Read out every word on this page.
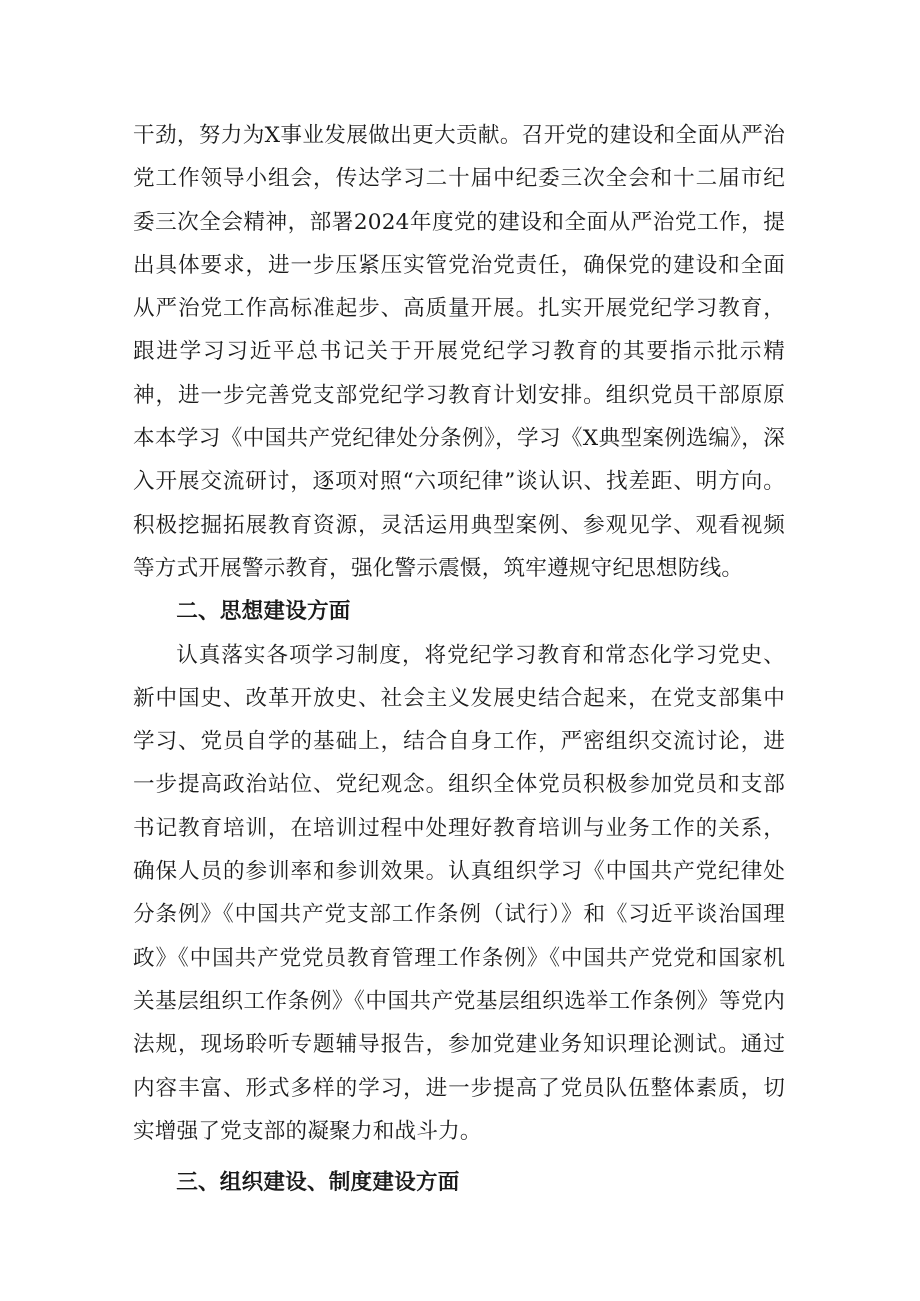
干劲，努力为X事业发展做出更大贡献。召开党的建设和全面从严治党工作领导小组会，传达学习二十届中纪委三次全会和十二届市纪委三次全会精神，部署2024年度党的建设和全面从严治党工作，提出具体要求，进一步压紧压实管党治党责任，确保党的建设和全面从严治党工作高标准起步、高质量开展。扎实开展党纪学习教育，跟进学习习近平总书记关于开展党纪学习教育的其要指示批示精神，进一步完善党支部党纪学习教育计划安排。组织党员干部原原本本学习《中国共产党纪律处分条例》，学习《X典型案例选编》，深入开展交流研讨，逐项对照“六项纪律”谈认识、找差距、明方向。积极挖掘拓展教育资源，灵活运用典型案例、参观见学、观看视频等方式开展警示教育，强化警示震慑，筑牢遵规守纪思想防线。

二、思想建设方面

认真落实各项学习制度，将党纪学习教育和常态化学习党史、新中国史、改革开放史、社会主义发展史结合起来，在党支部集中学习、党员自学的基础上，结合自身工作，严密组织交流讨论，进一步提高政治站位、党纪观念。组织全体党员积极参加党员和支部书记教育培训，在培训过程中处理好教育培训与业务工作的关系，确保人员的参训率和参训效果。认真组织学习《中国共产党纪律处分条例》《中国共产党支部工作条例（试行）》和《习近平谈治国理政》《中国共产党党员教育管理工作条例》《中国共产党党和国家机关基层组织工作条例》《中国共产党基层组织选举工作条例》等党内法规，现场聆听专题辅导报告，参加党建业务知识理论测试。通过内容丰富、形式多样的学习，进一步提高了党员队伍整体素质，切实增强了党支部的凝聚力和战斗力。

三、组织建设、制度建设方面
